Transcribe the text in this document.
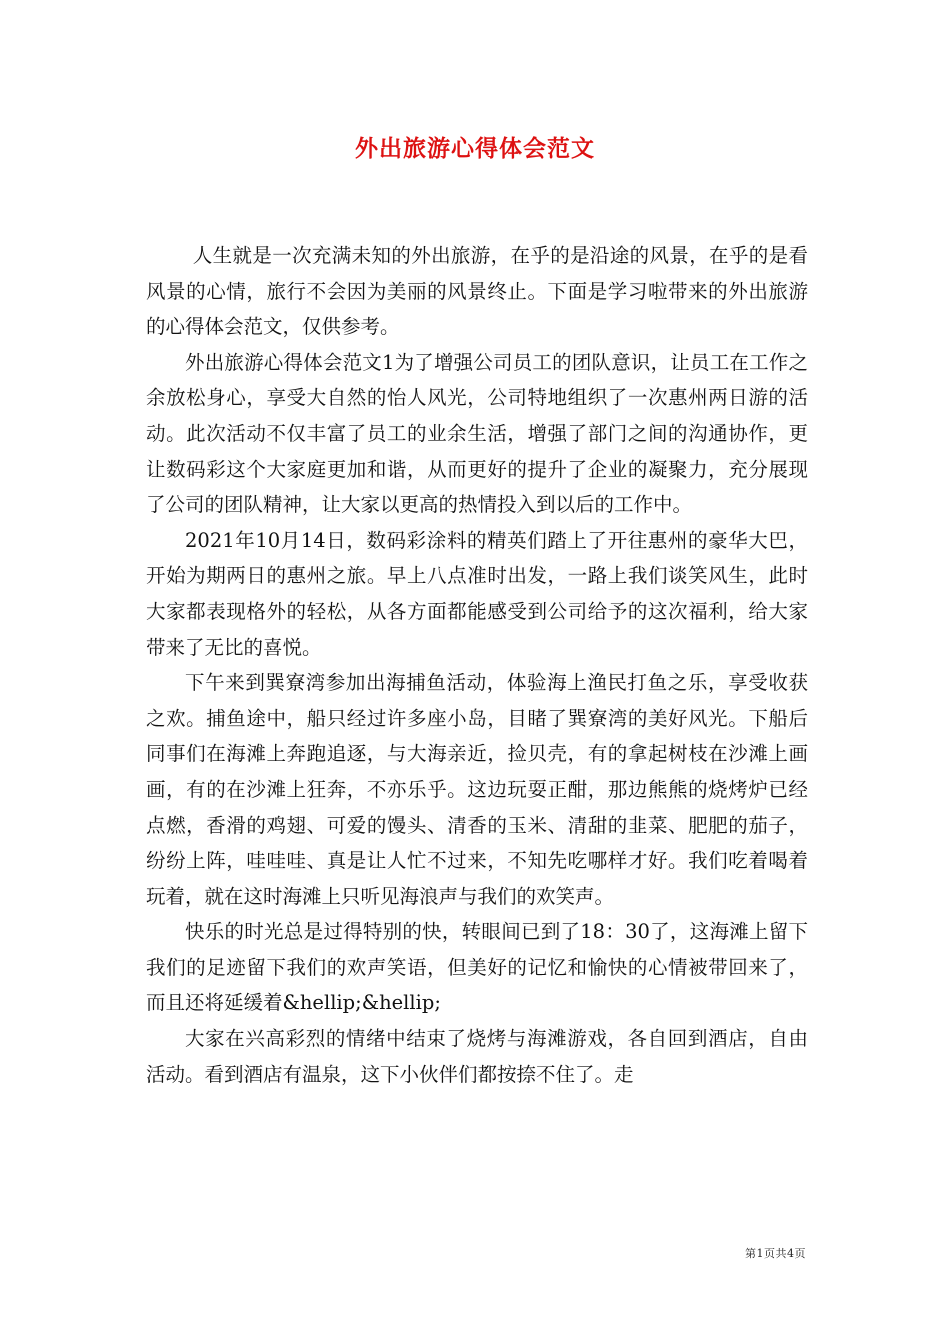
外出旅游心得体会范文

人生就是一次充满未知的外出旅游，在乎的是沿途的风景，在乎的是看风景的心情，旅行不会因为美丽的风景终止。下面是学习啦带来的外出旅游的心得体会范文，仅供参考。

外出旅游心得体会范文1为了增强公司员工的团队意识，让员工在工作之余放松身心，享受大自然的怡人风光，公司特地组织了一次惠州两日游的活动。此次活动不仅丰富了员工的业余生活，增强了部门之间的沟通协作，更让数码彩这个大家庭更加和谐，从而更好的提升了企业的凝聚力，充分展现了公司的团队精神，让大家以更高的热情投入到以后的工作中。

2021年10月14日，数码彩涂料的精英们踏上了开往惠州的豪华大巴，开始为期两日的惠州之旅。早上八点准时出发，一路上我们谈笑风生，此时大家都表现格外的轻松，从各方面都能感受到公司给予的这次福利，给大家带来了无比的喜悦。

下午来到巽寮湾参加出海捕鱼活动，体验海上渔民打鱼之乐，享受收获之欢。捕鱼途中，船只经过许多座小岛，目睹了巽寮湾的美好风光。下船后同事们在海滩上奔跑追逐，与大海亲近，捡贝壳，有的拿起树枝在沙滩上画画，有的在沙滩上狂奔，不亦乐乎。这边玩耍正酣，那边熊熊的烧烤炉已经点燃，香滑的鸡翅、可爱的馒头、清香的玉米、清甜的韭菜、肥肥的茄子，纷纷上阵，哇哇哇、真是让人忙不过来，不知先吃哪样才好。我们吃着喝着玩着，就在这时海滩上只听见海浪声与我们的欢笑声。

快乐的时光总是过得特别的快，转眼间已到了18：30了，这海滩上留下我们的足迹留下我们的欢声笑语，但美好的记忆和愉快的心情被带回来了，而且还将延缓着&hellip;&hellip;

大家在兴高彩烈的情绪中结束了烧烤与海滩游戏，各自回到酒店，自由活动。看到酒店有温泉，这下小伙伴们都按捺不住了。走

第1页共4页
